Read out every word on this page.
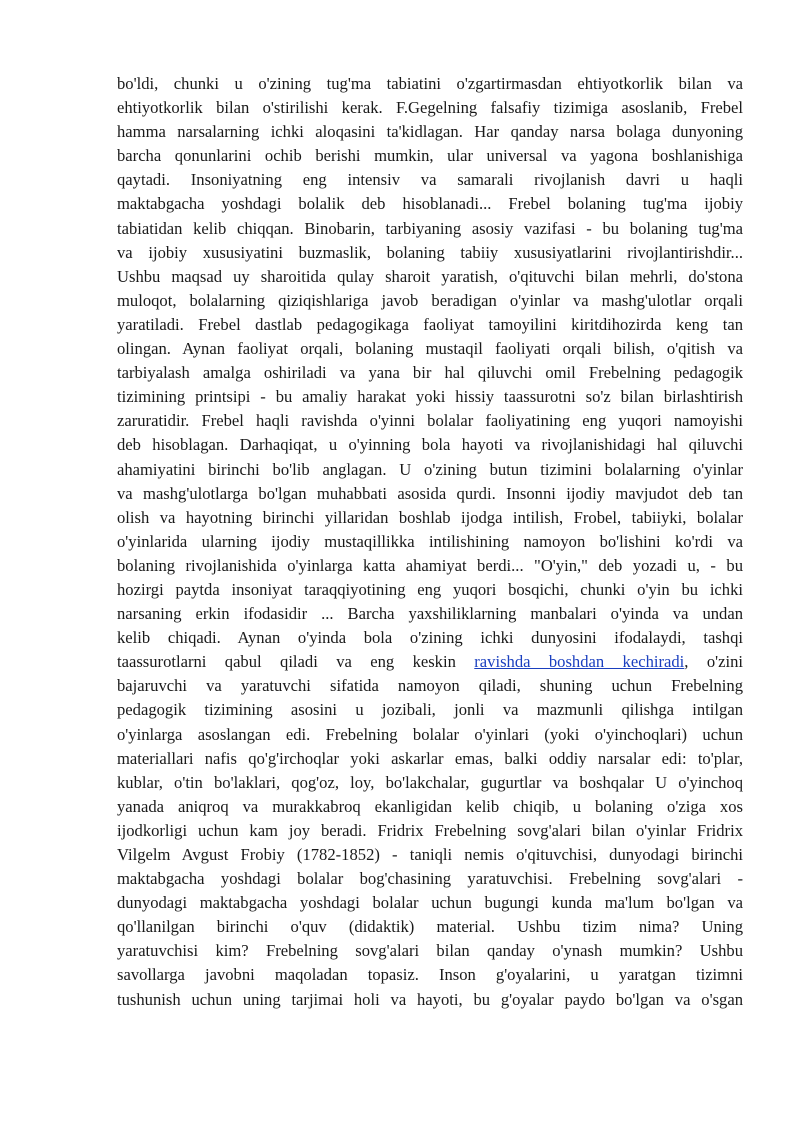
bo'ldi, chunki u o'zining tug'ma tabiatini o'zgartirmasdan ehtiyotkorlik bilan va
ehtiyotkorlik bilan o'stirilishi kerak. F.Gegelning falsafiy tizimiga asoslanib, Frebel
hamma narsalarning ichki aloqasini ta'kidlagan. Har qanday narsa bolaga dunyoning
barcha qonunlarini ochib berishi mumkin, ular universal va yagona boshlanishiga
qaytadi. Insoniyatning eng intensiv va samarali rivojlanish davri u haqli
maktabgacha yoshdagi bolalik deb hisoblanadi... Frebel bolaning tug'ma ijobiy
tabiatidan kelib chiqqan. Binobarin, tarbiyaning asosiy vazifasi - bu bolaning tug'ma
va ijobiy xususiyatini buzmaslik, bolaning tabiiy xususiyatlarini rivojlantirishdir...
Ushbu maqsad uy sharoitida qulay sharoit yaratish, o'qituvchi bilan mehrli, do'stona
muloqot, bolalarning qiziqishlariga javob beradigan o'yinlar va mashg'ulotlar orqali
yaratiladi. Frebel dastlab pedagogikaga faoliyat tamoyilini kiritdihozirda keng tan
olingan. Aynan faoliyat orqali, bolaning mustaqil faoliyati orqali bilish, o'qitish va
tarbiyalash amalga oshiriladi va yana bir hal qiluvchi omil Frebelning pedagogik
tizimining printsipi - bu amaliy harakat yoki hissiy taassurotni so'z bilan birlashtirish
zaruratidir. Frebel haqli ravishda o'yinni bolalar faoliyatining eng yuqori namoyishi
deb hisoblagan. Darhaqiqat, u o'yinning bola hayoti va rivojlanishidagi hal qiluvchi
ahamiyatini birinchi bo'lib anglagan. U o'zining butun tizimini bolalarning o'yinlar
va mashg'ulotlarga bo'lgan muhabbati asosida qurdi. Insonni ijodiy mavjudot deb tan
olish va hayotning birinchi yillaridan boshlab ijodga intilish, Frobel, tabiiyki, bolalar
o'yinlarida ularning ijodiy mustaqillikka intilishining namoyon bo'lishini ko'rdi va
bolaning rivojlanishida o'yinlarga katta ahamiyat berdi... "O'yin," deb yozadi u, - bu
hozirgi paytda insoniyat taraqqiyotining eng yuqori bosqichi, chunki o'yin bu ichki
narsaning erkin ifodasidir ... Barcha yaxshiliklarning manbalari o'yinda va undan
kelib chiqadi. Aynan o'yinda bola o'zining ichki dunyosini ifodalaydi, tashqi
taassurotlarni qabul qiladi va eng keskin ravishda boshdan kechiradi, o'zini
bajaruvchi va yaratuvchi sifatida namoyon qiladi, shuning uchun Frebelning
pedagogik tizimining asosini u jozibali, jonli va mazmunli qilishga intilgan
o'yinlarga asoslangan edi. Frebelning bolalar o'yinlari (yoki o'yinchoqlari) uchun
materiallari nafis qo'g'irchoqlar yoki askarlar emas, balki oddiy narsalar edi: to'plar,
kublar, o'tin bo'laklari, qog'oz, loy, bo'lakchalar, gugurtlar va boshqalar U o'yinchoq
yanada aniqroq va murakkabroq ekanligidan kelib chiqib, u bolaning o'ziga xos
ijodkorligi uchun kam joy beradi. Fridrix Frebelning sovg'alari bilan o'yinlar Fridrix
Vilgelm Avgust Frobiy (1782-1852) - taniqli nemis o'qituvchisi, dunyodagi birinchi
maktabgacha yoshdagi bolalar bog'chasining yaratuvchisi. Frebelning sovg'alari -
dunyodagi maktabgacha yoshdagi bolalar uchun bugungi kunda ma'lum bo'lgan va
qo'llanilgan birinchi o'quv (didaktik) material. Ushbu tizim nima? Uning
yaratuvchisi kim? Frebelning sovg'alari bilan qanday o'ynash mumkin? Ushbu
savollarga javobni maqoladan topasiz. Inson g'oyalarini, u yaratgan tizimni
tushunish uchun uning tarjimai holi va hayoti, bu g'oyalar paydo bo'lgan va o'sgan
